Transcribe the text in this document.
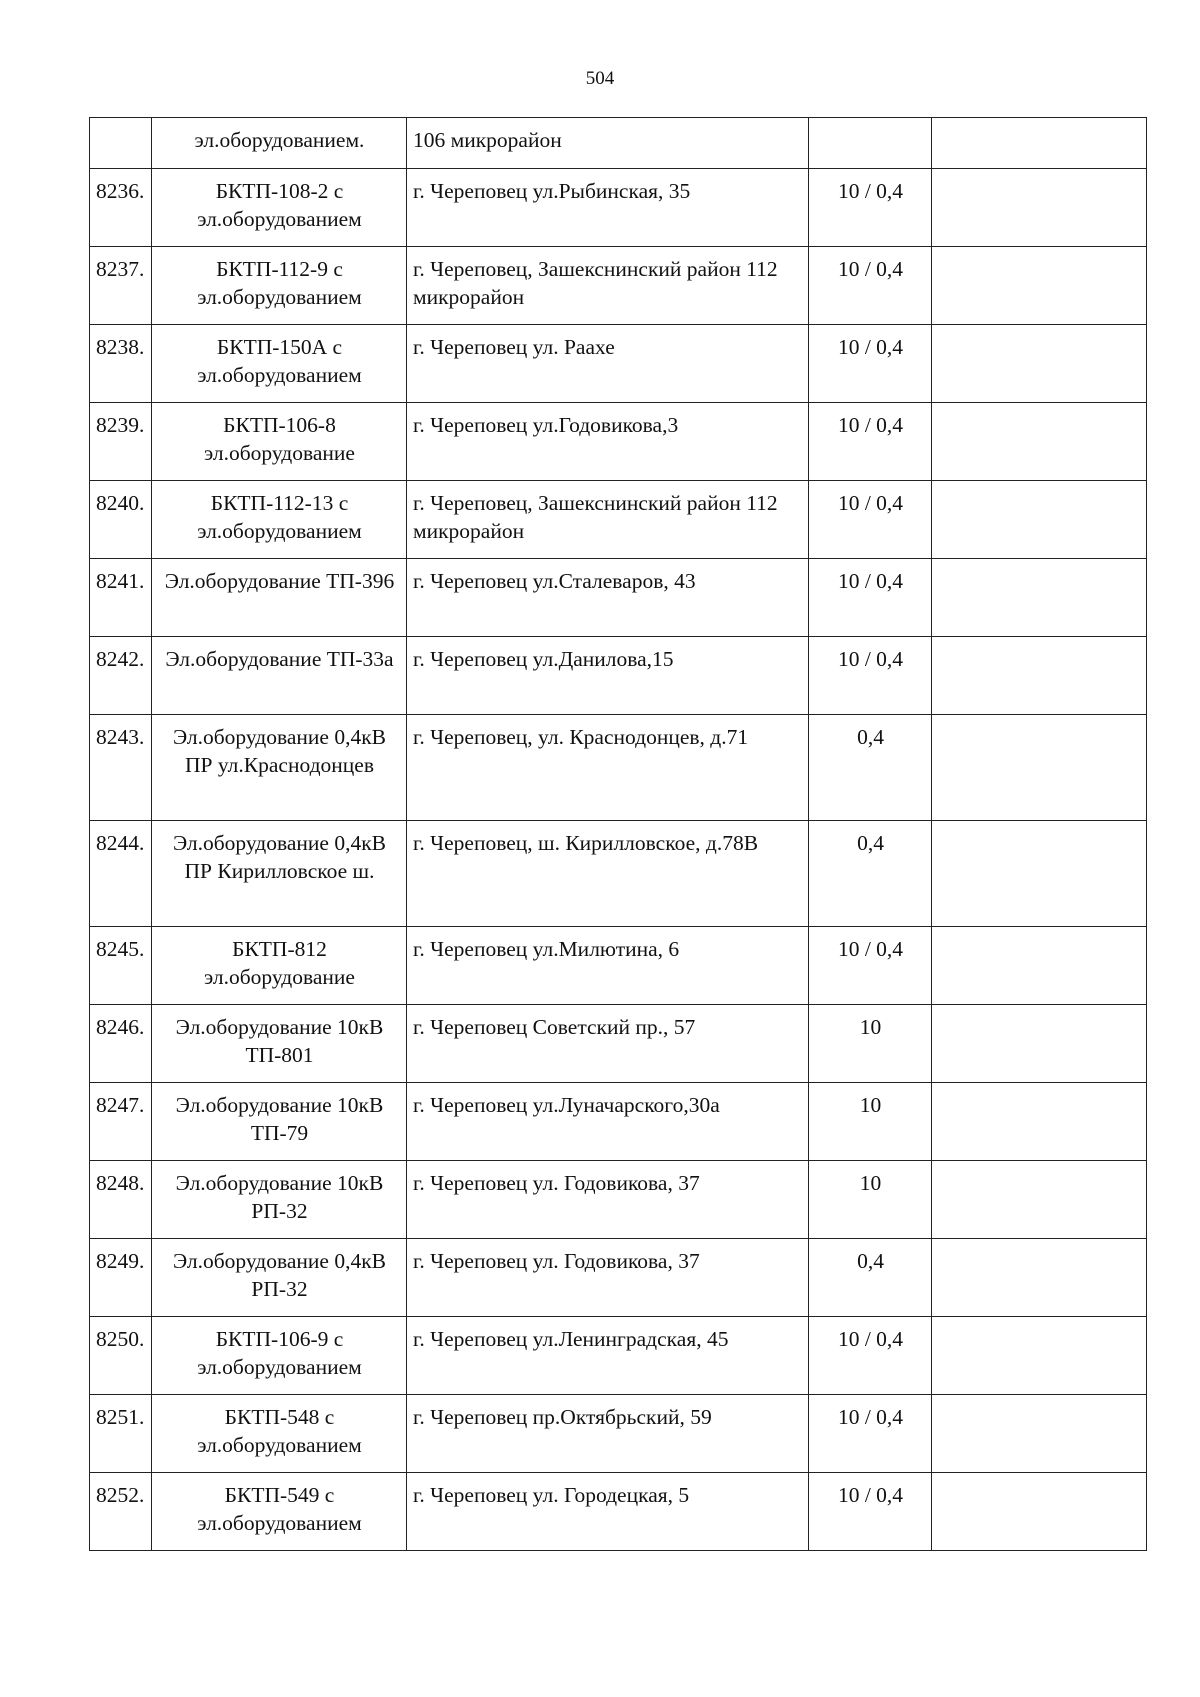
504
	эл.оборудованием.	106 микрорайон		
8236.	БКТП-108-2 с эл.оборудованием	г. Череповец ул.Рыбинская, 35	10 / 0,4	
8237.	БКТП-112-9 с эл.оборудованием	г. Череповец, Зашекснинский район 112 микрорайон	10 / 0,4	
8238.	БКТП-150А с эл.оборудованием	г. Череповец ул. Раахе	10 / 0,4	
8239.	БКТП-106-8 эл.оборудование	г. Череповец ул.Годовикова,3	10 / 0,4	
8240.	БКТП-112-13 с эл.оборудованием	г. Череповец, Зашекснинский район 112 микрорайон	10 / 0,4	
8241.	Эл.оборудование ТП-396	г. Череповец ул.Сталеваров, 43	10 / 0,4	
8242.	Эл.оборудование ТП-33а	г. Череповец ул.Данилова,15	10 / 0,4	
8243.	Эл.оборудование 0,4кВ ПР ул.Краснодонцев	г. Череповец, ул. Краснодонцев, д.71	0,4	
8244.	Эл.оборудование 0,4кВ ПР Кирилловское ш.	г. Череповец, ш. Кирилловское, д.78В	0,4	
8245.	БКТП-812 эл.оборудование	г. Череповец ул.Милютина, 6	10 / 0,4	
8246.	Эл.оборудование 10кВ ТП-801	г. Череповец Советский пр., 57	10	
8247.	Эл.оборудование 10кВ ТП-79	г. Череповец ул.Луначарского,30а	10	
8248.	Эл.оборудование 10кВ РП-32	г. Череповец ул. Годовикова, 37	10	
8249.	Эл.оборудование 0,4кВ РП-32	г. Череповец ул. Годовикова, 37	0,4	
8250.	БКТП-106-9 с эл.оборудованием	г. Череповец ул.Ленинградская, 45	10 / 0,4	
8251.	БКТП-548 с эл.оборудованием	г. Череповец пр.Октябрьский, 59	10 / 0,4	
8252.	БКТП-549 с эл.оборудованием	г. Череповец ул. Городецкая, 5	10 / 0,4	
